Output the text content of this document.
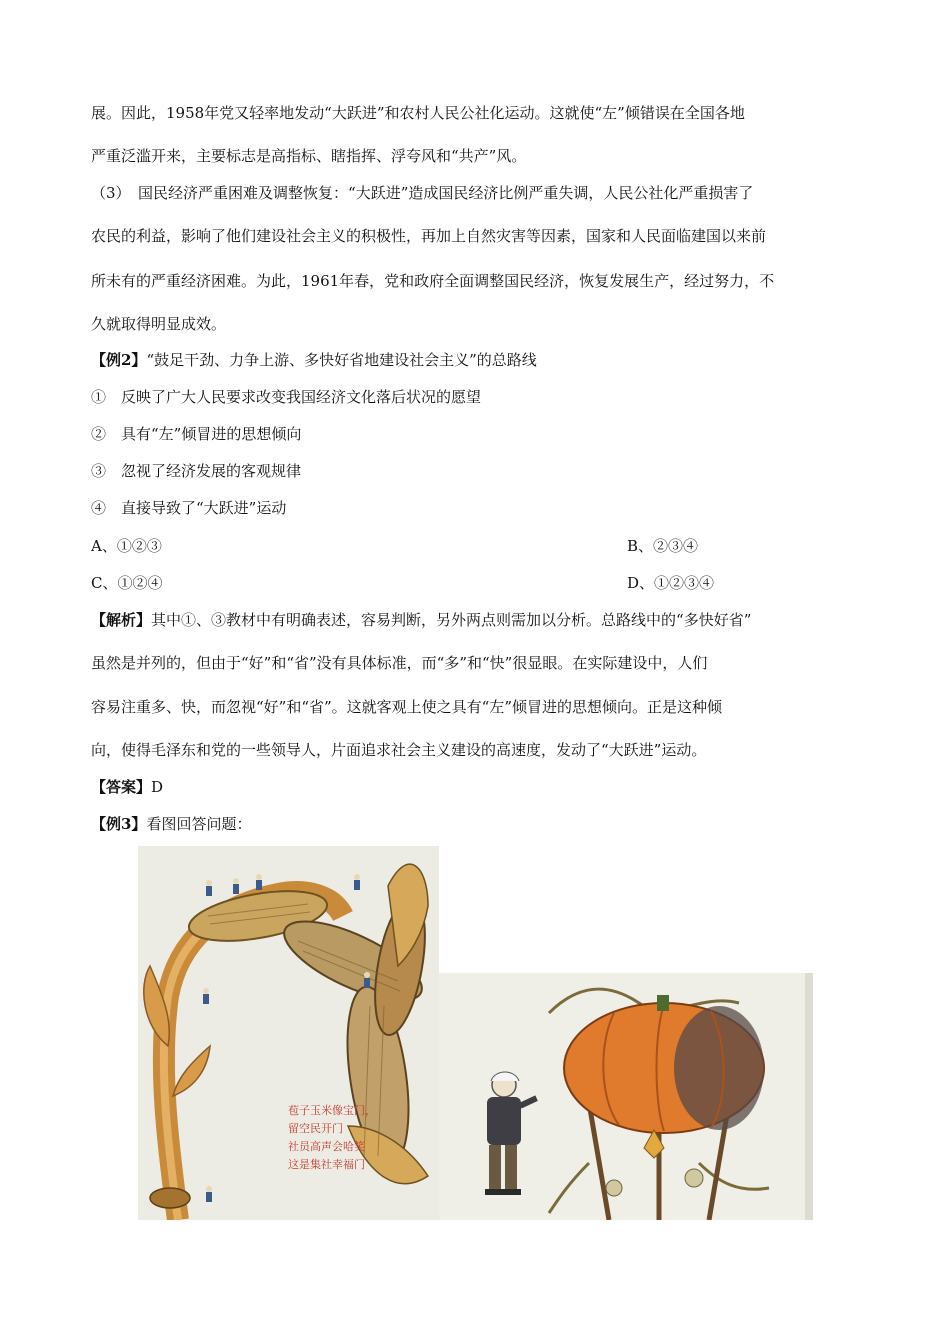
展。因此，1958年党又轻率地发动“大跃进”和农村人民公社化运动。这就使“左”倾错误在全国各地
严重泛滥开来，主要标志是高指标、瞎指挥、浮夸风和“共产”风。
（3）　国民经济严重困难及调整恢复：“大跃进”造成国民经济比例严重失调，人民公社化严重损害了
农民的利益，影响了他们建设社会主义的积极性，再加上自然灾害等因素，国家和人民面临建国以来前
所未有的严重经济困难。为此，1961年春，党和政府全面调整国民经济，恢复发展生产，经过努力，不
久就取得明显成效。
【例2】“鼓足干劲、力争上游、多快好省地建设社会主义”的总路线
①　反映了广大人民要求改变我国经济文化落后状况的愿望
②　具有“左”倾冒进的思想倾向
③　忽视了经济发展的客观规律
④　直接导致了“大跃进”运动
A、①②③	B、②③④
C、①②④	D、①②③④
【解析】其中①、③教材中有明确表述，容易判断，另外两点则需加以分析。总路线中的“多快好省”
虽然是并列的，但由于“好”和“省”没有具体标准，而“多”和“快”很显眼。在实际建设中，人们
容易注重多、快，而忽视“好”和“省”。这就客观上使之具有“左”倾冒进的思想倾向。正是这种倾
向，使得毛泽东和党的一些领导人，片面追求社会主义建设的高速度，发动了“大跃进”运动。
【答案】D
【例3】看图回答问题：
苞子玉米像宝门，
留空民开门
社员高声会哈笑
这是集社幸福门
